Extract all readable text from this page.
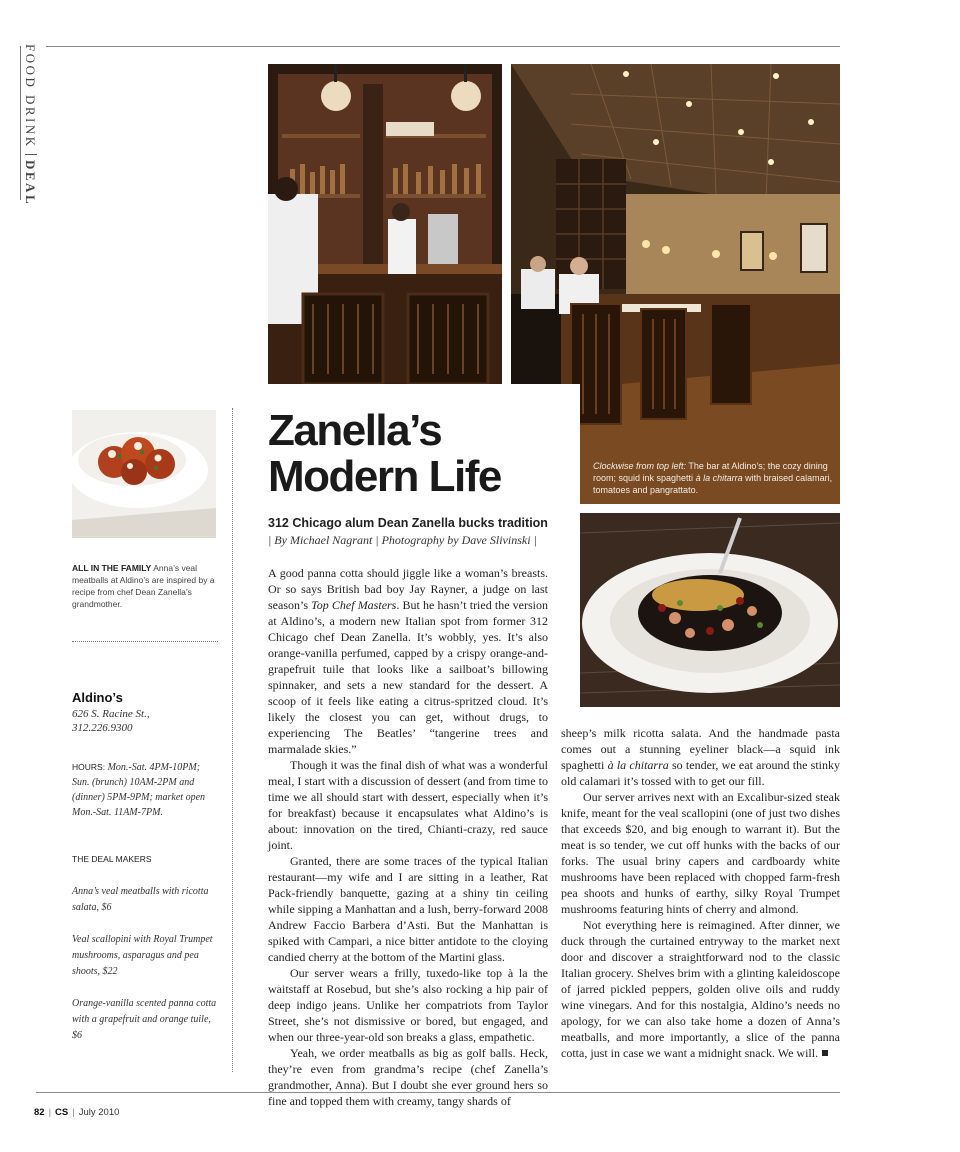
FOOD
DRINK
DEAL
Clockwise from top left: The bar at Aldino’s; the cozy dining room; squid ink spaghetti à la chitarra with braised calamari, tomatoes and pangrattato.
Zanella’s
Modern Life
312 Chicago alum Dean Zanella bucks tradition
| By Michael Nagrant | Photography by Dave Slivinski |

A good panna cotta should jiggle like a woman’s breasts. Or so says British bad boy Jay Rayner, a judge on last season’s Top Chef Masters. But he hasn’t tried the version at Aldino’s, a modern new Italian spot from former 312 Chicago chef Dean Zanella. It’s wobbly, yes. It’s also orange-vanilla perfumed, capped by a crispy orange-and-grapefruit tuile that looks like a sailboat’s billowing spinnaker, and sets a new standard for the dessert. A scoop of it feels like eating a citrus-spritzed cloud. It’s likely the closest you can get, without drugs, to experiencing The Beatles’ “tangerine trees and marmalade skies.”

Though it was the final dish of what was a wonderful meal, I start with a discussion of dessert (and from time to time we all should start with dessert, especially when it’s for breakfast) because it encapsulates what Aldino’s is about: innovation on the tired, Chianti-crazy, red sauce joint.

Granted, there are some traces of the typical Italian restaurant—my wife and I are sitting in a leather, Rat Pack-friendly banquette, gazing at a shiny tin ceiling while sipping a Manhattan and a lush, berry-forward 2008 Andrew Faccio Barbera d’Asti. But the Manhattan is spiked with Campari, a nice bitter antidote to the cloying candied cherry at the bottom of the Martini glass.

Our server wears a frilly, tuxedo-like top à la the waitstaff at Rosebud, but she’s also rocking a hip pair of deep indigo jeans. Unlike her compatriots from Taylor Street, she’s not dismissive or bored, but engaged, and when our three-year-old son breaks a glass, empathetic.

Yeah, we order meatballs as big as golf balls. Heck, they’re even from grandma’s recipe (chef Zanella’s grandmother, Anna). But I doubt she ever ground hers so fine and topped them with creamy, tangy shards of

sheep’s milk ricotta salata. And the handmade pasta comes out a stunning eyeliner black—a squid ink spaghetti à la chitarra so tender, we eat around the stinky old calamari it’s tossed with to get our fill.

Our server arrives next with an Excalibur-sized steak knife, meant for the veal scallopini (one of just two dishes that exceeds $20, and big enough to warrant it). But the meat is so tender, we cut off hunks with the backs of our forks. The usual briny capers and cardboardy white mushrooms have been replaced with chopped farm-fresh pea shoots and hunks of earthy, silky Royal Trumpet mushrooms featuring hints of cherry and almond.

Not everything here is reimagined. After dinner, we duck through the curtained entryway to the market next door and discover a straightforward nod to the classic Italian grocery. Shelves brim with a glinting kaleidoscope of jarred pickled peppers, golden olive oils and ruddy wine vinegars. And for this nostalgia, Aldino’s needs no apology, for we can also take home a dozen of Anna’s meatballs, and more importantly, a slice of the panna cotta, just in case we want a midnight snack. We will.

ALL IN THE FAMILY Anna’s veal meatballs at Aldino’s are inspired by a recipe from chef Dean Zanella’s grandmother.
Aldino’s
626 S. Racine St.,
312.226.9300
HOURS: Mon.-Sat. 4PM-10PM; Sun. (brunch) 10AM-2PM and (dinner) 5PM-9PM; market open Mon.-Sat. 11AM-7PM.
THE DEAL MAKERS
Anna’s veal meatballs with ricotta salata, $6
Veal scallopini with Royal Trumpet mushrooms, asparagus and pea shoots, $22
Orange-vanilla scented panna cotta with a grapefruit and orange tuile, $6
82 | CS | July 2010
